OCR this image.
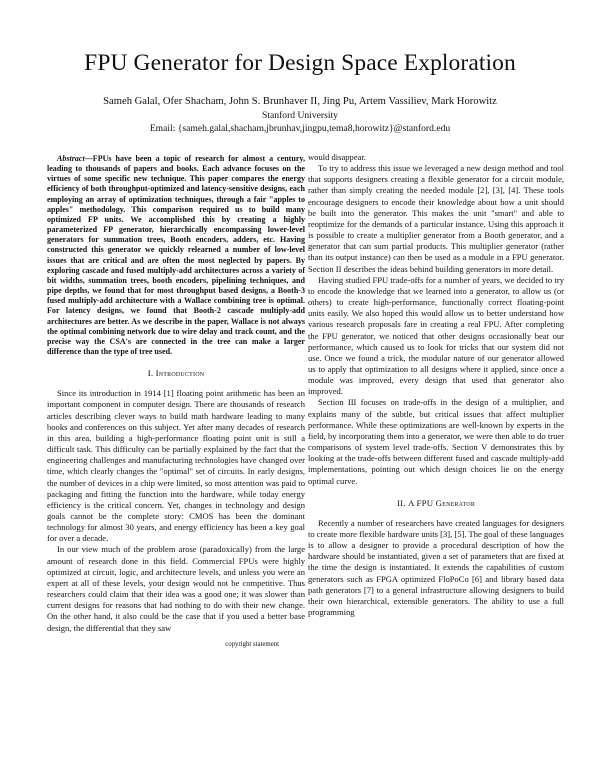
FPU Generator for Design Space Exploration
Sameh Galal, Ofer Shacham, John S. Brunhaver II, Jing Pu, Artem Vassiliev, Mark Horowitz
Stanford University
Email: {sameh.galal,shacham,jbrunhav,jingpu,tema8,horowitz}@stanford.edu

Abstract—FPUs have been a topic of research for almost a century, leading to thousands of papers and books. Each advance focuses on the virtues of some specific new technique. This paper compares the energy efficiency of both throughput-optimized and latency-sensitive designs, each employing an array of optimization techniques, through a fair "apples to apples" methodology. This comparison required us to build many optimized FP units. We accomplished this by creating a highly parameterized FP generator, hierarchically encompassing lower-level generators for summation trees, Booth encoders, adders, etc. Having constructed this generator we quickly relearned a number of low-level issues that are critical and are often the most neglected by papers. By exploring cascade and fused multiply-add architectures across a variety of bit widths, summation trees, booth encoders, pipelining techniques, and pipe depths, we found that for most throughput based designs, a Booth-3 fused multiply-add architecture with a Wallace combining tree is optimal. For latency designs, we found that Booth-2 cascade multiply-add architectures are better. As we describe in the paper, Wallace is not always the optimal combining network due to wire delay and track count, and the precise way the CSA's are connected in the tree can make a larger difference than the type of tree used.

I. Introduction

Since its introduction in 1914 [1] floating point arithmetic has been an important component in computer design. There are thousands of research articles describing clever ways to build math hardware leading to many books and conferences on this subject. Yet after many decades of research in this area, building a high-performance floating point unit is still a difficult task. This difficulty can be partially explained by the fact that the engineering challenges and manufacturing technologies have changed over time, which clearly changes the "optimal" set of circuits. In early designs, the number of devices in a chip were limited, so most attention was paid to packaging and fitting the function into the hardware, while today energy efficiency is the critical concern. Yet, changes in technology and design goals cannot be the complete story: CMOS has been the dominant technology for almost 30 years, and energy efficiency has been a key goal for over a decade.

In our view much of the problem arose (paradoxically) from the large amount of research done in this field. Commercial FPUs were highly optimized at circuit, logic, and architecture levels, and unless you were an expert at all of these levels, your design would not be competitive. Thus researchers could claim that their idea was a good one; it was slower than current designs for reasons that had nothing to do with their new change. On the other hand, it also could be the case that if you used a better base design, the differential that they saw

copyright statement

would disappear.

To try to address this issue we leveraged a new design method and tool that supports designers creating a flexible generator for a circuit module, rather than simply creating the needed module [2], [3], [4]. These tools encourage designers to encode their knowledge about how a unit should be built into the generator. This makes the unit "smart" and able to reoptimize for the demands of a particular instance. Using this approach it is possible to create a multiplier generator from a Booth generator, and a generator that can sum partial products. This multiplier generator (rather than its output instance) can then be used as a module in a FPU generator. Section II describes the ideas behind building generators in more detail.

Having studied FPU trade-offs for a number of years, we decided to try to encode the knowledge that we learned into a generator, to allow us (or others) to create high-performance, functionally correct floating-point units easily. We also hoped this would allow us to better understand how various research proposals fare in creating a real FPU. After completing the FPU generator, we noticed that other designs occasionally beat our performance, which caused us to look for tricks that our system did not use. Once we found a trick, the modular nature of our generator allowed us to apply that optimization to all designs where it applied, since once a module was improved, every design that used that generator also improved.

Section III focuses on trade-offs in the design of a multiplier, and explains many of the subtle, but critical issues that affect multiplier performance. While these optimizations are well-known by experts in the field, by incorporating them into a generator, we were then able to do truer comparisons of system level trade-offs. Section V demonstrates this by looking at the trade-offs between different fused and cascade multiply-add implementations, pointing out which design choices lie on the energy optimal curve.

II. A FPU Generator

Recently a number of researchers have created languages for designers to create more flexible hardware units [3], [5]. The goal of these languages is to allow a designer to provide a procedural description of how the hardware should be instantiated, given a set of parameters that are fixed at the time the design is instantiated. It extends the capabilities of custom generators such as FPGA optimized FloPoCo [6] and library based data path generators [7] to a general infrastructure allowing designers to build their own hierarchical, extensible generators. The ability to use a full programming
